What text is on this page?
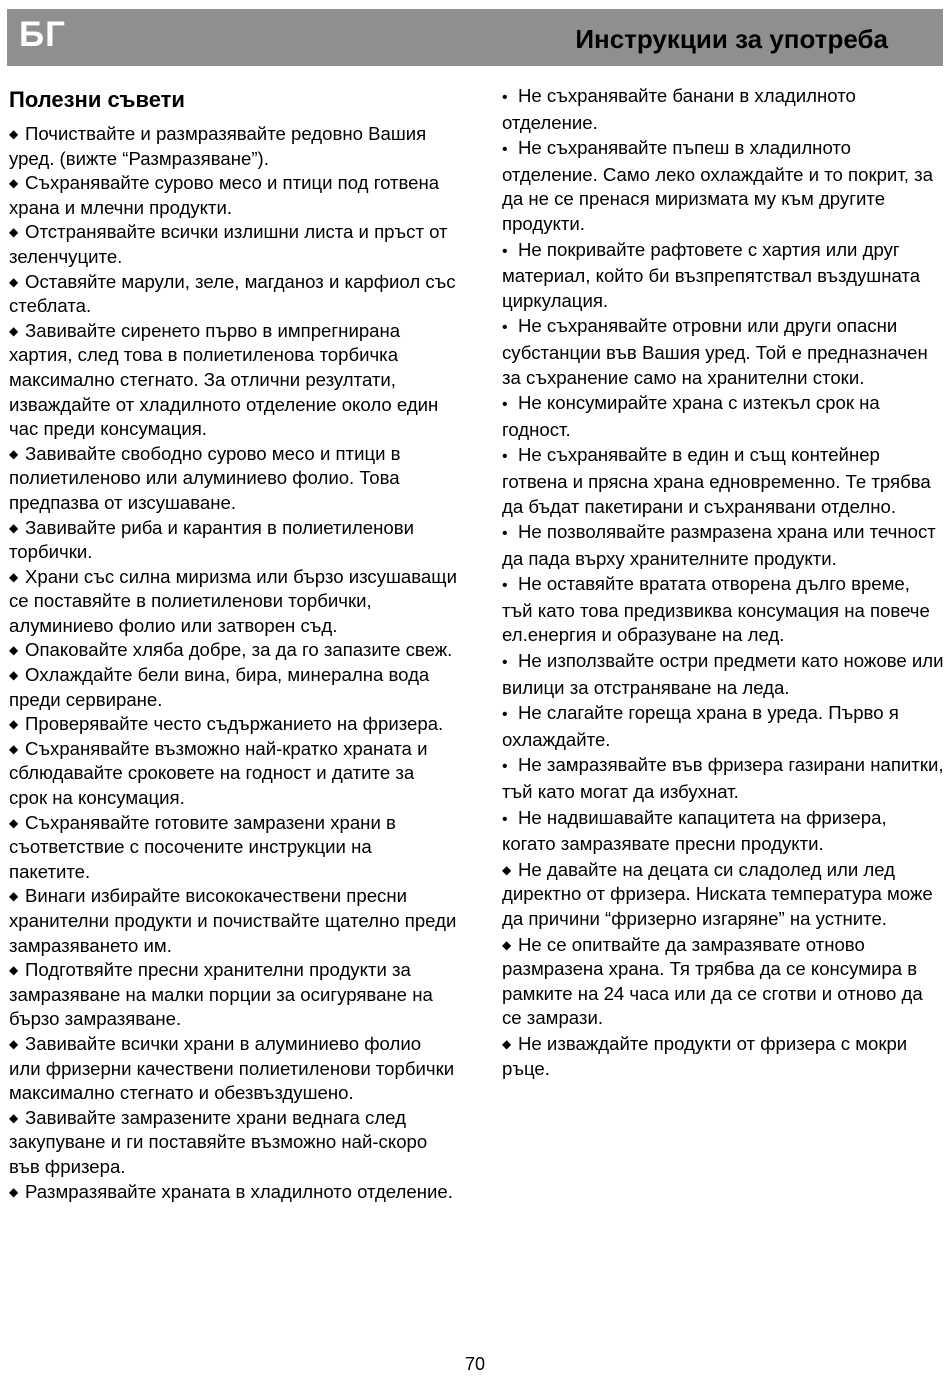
БГ	Инструкции за употреба
Полезни съвети
◆ Почиствайте и размразявайте редовно Вашия уред. (вижте “Размразяване”).
◆ Съхранявайте сурово месо и птици под готвена храна и млечни продукти.
◆ Отстранявайте всички излишни листа и пръст от зеленчуците.
◆ Оставяйте марули, зеле, магданоз и карфиол със стеблата.
◆ Завивайте сиренето първо в импрегнирана хартия, след това в полиетиленова торбичка максимално стегнато. За отлични резултати, изваждайте от хладилното отделение около един час преди консумация.
◆ Завивайте свободно сурово месо и птици в полиетиленово или алуминиево фолио. Това предпазва от изсушаване.
◆ Завивайте риба и карантия в полиетиленови торбички.
◆ Храни със силна миризма или бързо изсушаващи се поставяйте в полиетиленови торбички, алуминиево фолио или затворен съд.
◆ Опаковайте хляба добре, за да го запазите свеж.
◆ Охлаждайте бели вина, бира, минерална вода преди сервиране.
◆ Проверявайте често съдържанието на фризера.
◆ Съхранявайте възможно най-кратко храната и сблюдавайте сроковете на годност и датите за срок на консумация.
◆ Съхранявайте готовите замразени храни в съответствие с посочените инструкции на пакетите.
◆ Винаги избирайте висококачествени пресни хранителни продукти и почиствайте щателно преди замразяването им.
◆ Подготвяйте пресни хранителни продукти за замразяване на малки порции за осигуряване на бързо замразяване.
◆ Завивайте всички храни в алуминиево фолио или фризерни качествени полиетиленови торбички максимално стегнато и обезвъздушено.
◆ Завивайте замразените храни веднага след закупуване и ги поставяйте възможно най-скоро във фризера.
◆ Размразявайте храната в хладилното отделение.
• Не съхранявайте банани в хладилното отделение.
• Не съхранявайте пъпеш в хладилното отделение. Само леко охлаждайте и то покрит, за да не се пренася миризмата му към другите продукти.
• Не покривайте рафтовете с хартия или друг материал, който би възпрепятствал въздушната циркулация.
• Не съхранявайте отровни или други опасни субстанции във Вашия уред. Той е предназначен за съхранение само на хранителни стоки.
• Не консумирайте храна с изтекъл срок на годност.
• Не съхранявайте в един и същ контейнер готвена и прясна храна едновременно. Те трябва да бъдат пакетирани и съхранявани отделно.
• Не позволявайте размразена храна или течност да пада върху хранителните продукти.
• Не оставяйте вратата отворена дълго време, тъй като това предизвиква консумация на повече ел.енергия и образуване на лед.
• Не използвайте остри предмети като ножове или вилици за отстраняване на леда.
• Не слагайте гореща храна в уреда. Първо я охлаждайте.
• Не замразявайте във фризера газирани напитки, тъй като могат да избухнат.
• Не надвишавайте капацитета на фризера, когато замразявате пресни продукти.
◆ Не давайте на децата си сладолед или лед директно от фризера. Ниската температура може да причини “фризерно изгаряне” на устните.
◆ Не се опитвайте да замразявате отново размразена храна. Тя трябва да се консумира в рамките на 24 часа или да се сготви и отново да се замрази.
◆ Не изваждайте продукти от фризера с мокри ръце.
70
